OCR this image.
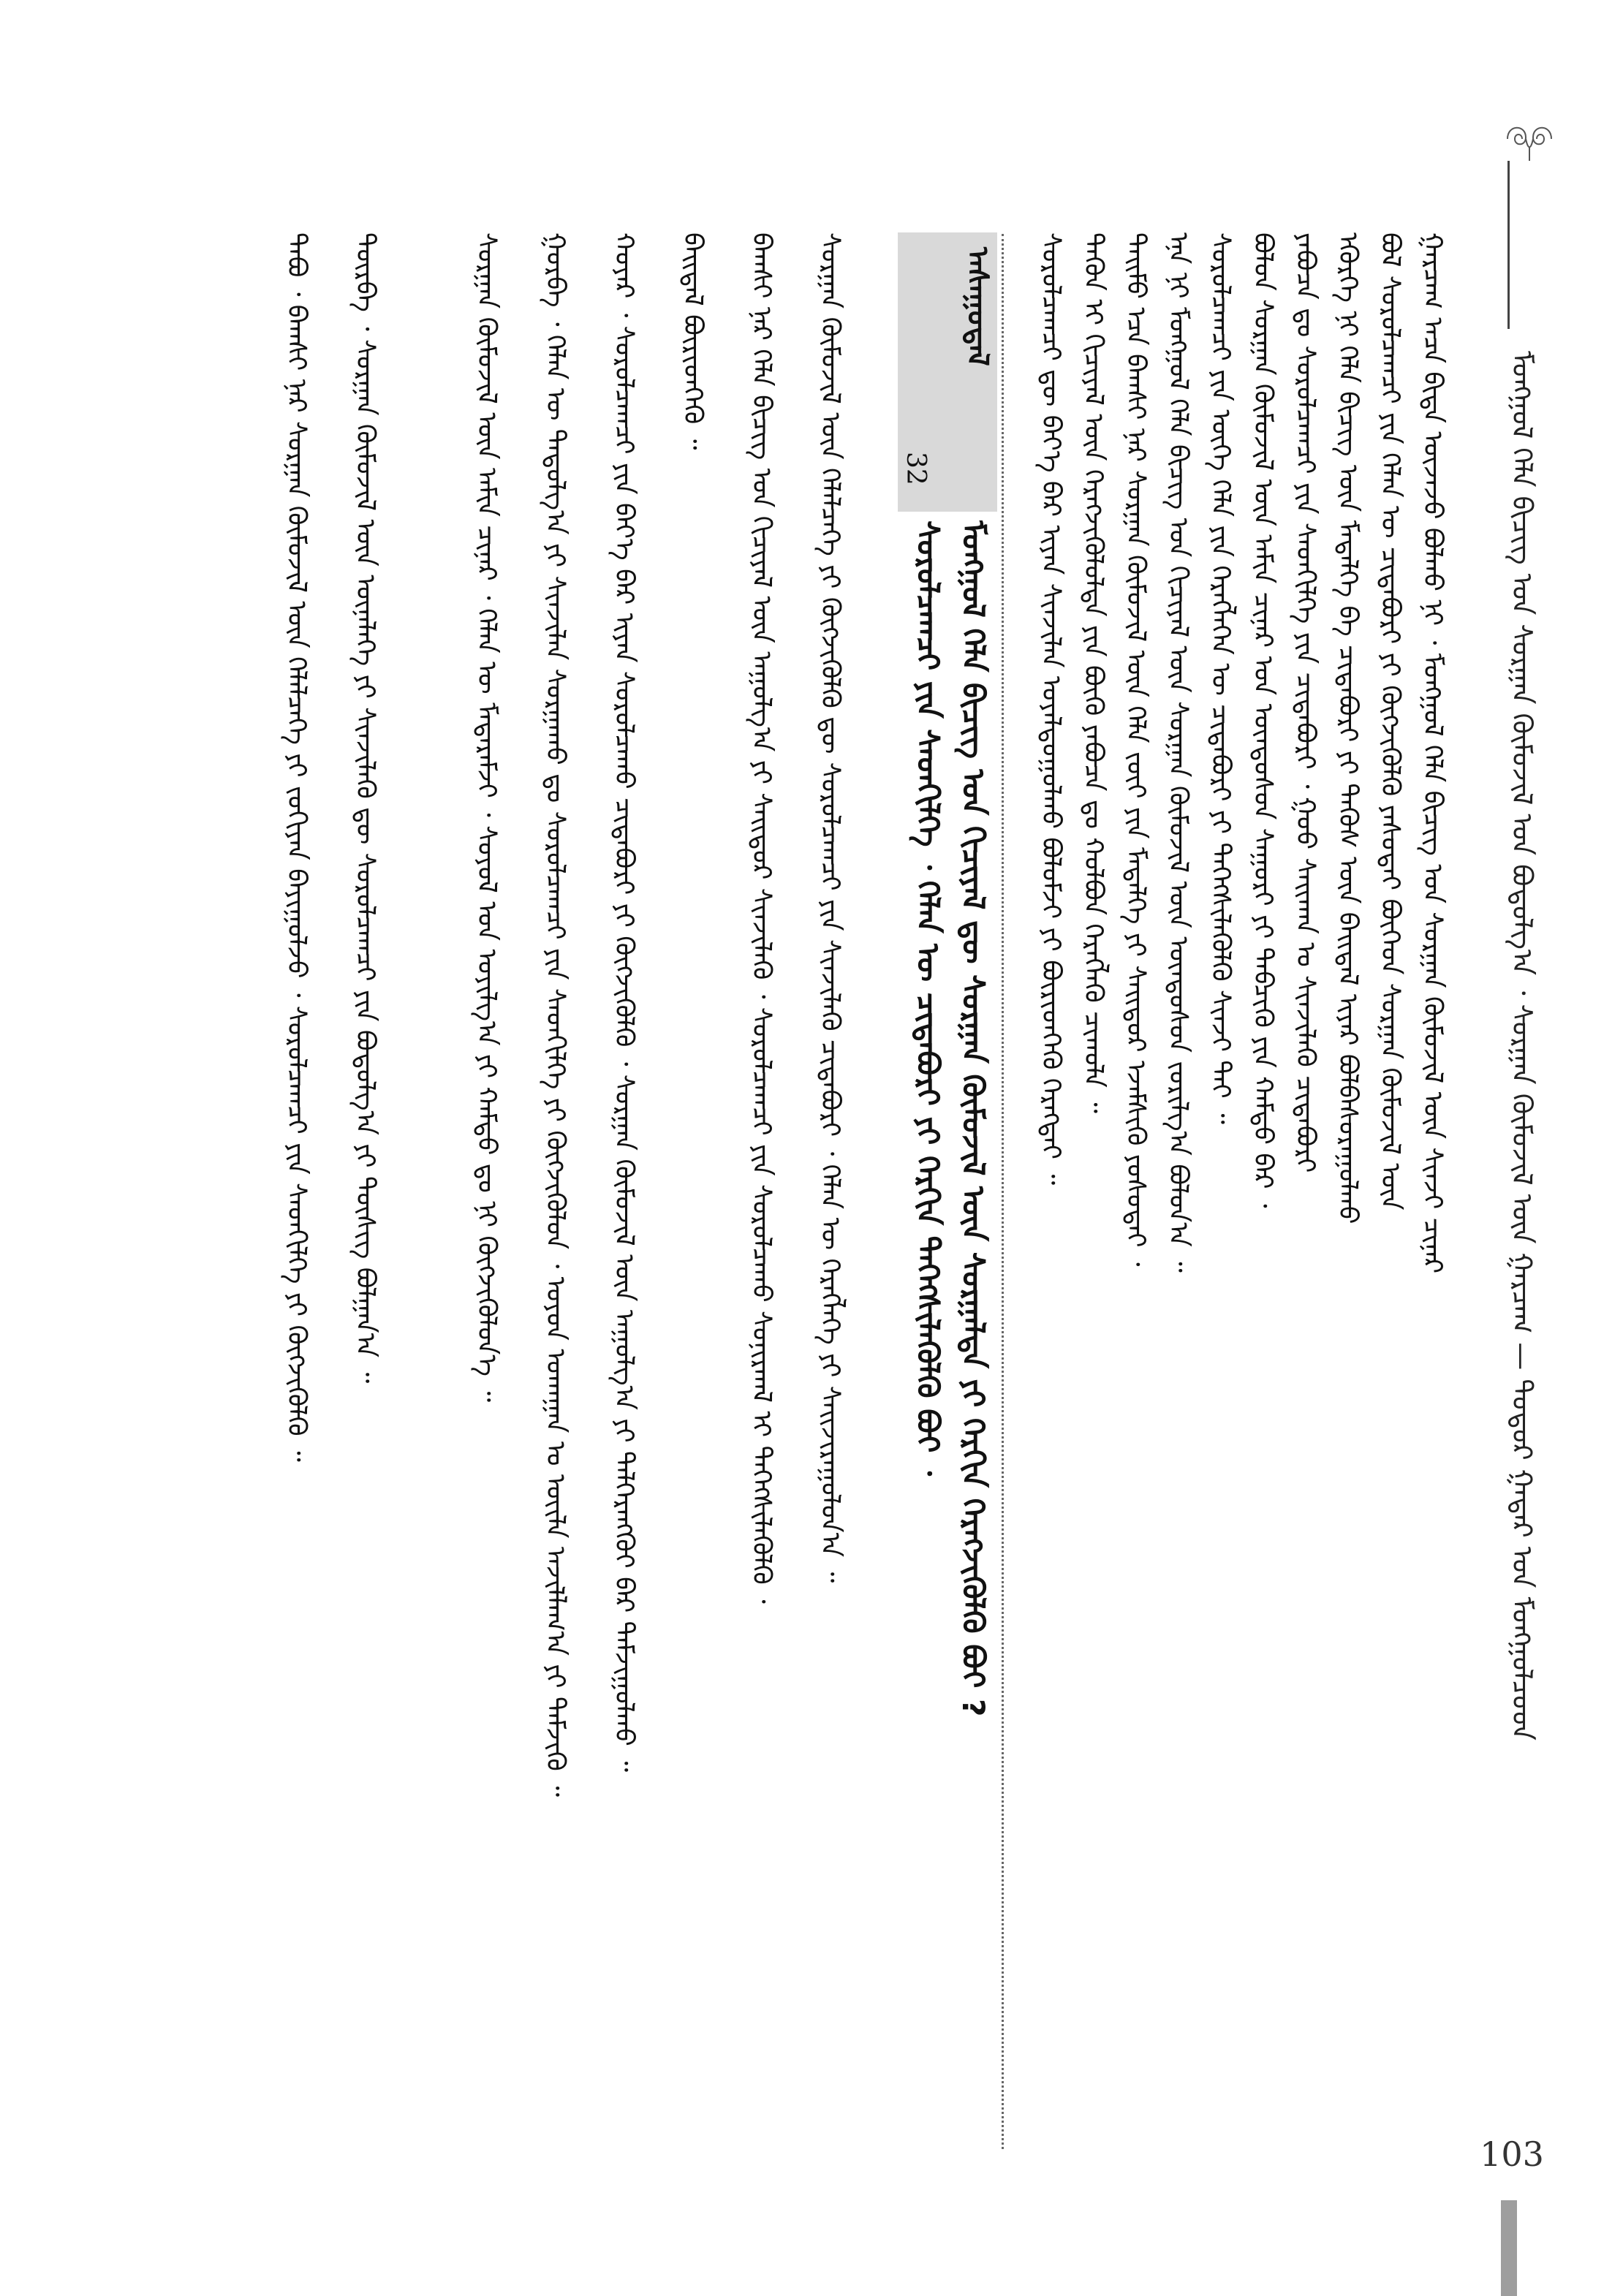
ᠮᠣᠩᠭᠣᠯ ᠬᠡᠯᠡ ᠪᠢᠴᠢᠭ ᠤᠨ ᠰᠤᠷᠭᠠᠨ ᠬᠦᠮᠦᠵᠢᠯ ᠤᠨ ᠪᠣᠳᠣᠯᠭ᠎ᠠ ᠂ ᠰᠤᠷᠭᠠᠨ ᠬᠦᠮᠦᠵᠢᠯ ᠦᠨ ᠭᠠᠷᠴᠠᠭ — ᠳᠣᠲᠣᠷ ᠭᠠᠳᠠᠷ ᠤᠨ ᠮᠣᠩᠭᠣᠯᠴᠤᠳ
ᠭᠠᠷᠴᠠᠭ ᠠᠴᠠ ᠪᠢᠳᠡ ᠦᠵᠡᠵᠦ ᠪᠣᠯᠬᠤ ᠨᠢ ᠂ ᠮᠣᠩᠭᠣᠯ ᠬᠡᠯᠡ ᠪᠢᠴᠢᠭ ᠤᠨ ᠰᠤᠷᠭᠠᠨ ᠬᠦᠮᠦᠵᠢᠯ ᠦᠨ ᠰᠢᠨᠵᠢ ᠴᠢᠨᠠᠷ
ᠪᠣᠯ ᠰᠤᠷᠤᠯᠴᠠᠭᠴᠢ ᠶᠢᠨ ᠬᠡᠯᠡᠨ ᠦ ᠴᠢᠳᠠᠪᠤᠷᠢ ᠶᠢ ᠬᠥᠭᠵᠢᠭᠦᠯᠬᠦ ᠶᠠᠰᠤᠲᠠᠢ ᠪᠥᠭᠡᠳ ᠰᠤᠷᠭᠠᠨ ᠬᠦᠮᠦᠵᠢᠯ ᠦᠨ
ᠡᠭᠦᠷᠭᠡ ᠨᠢ ᠬᠡᠯᠡ ᠪᠢᠴᠢᠭ ᠦᠨ ᠮᠡᠳᠡᠯᠭᠡ ᠪᠠ ᠴᠢᠳᠠᠪᠤᠷᠢ ᠶᠢ ᠲᠡᠭᠦᠰ ᠦᠨ ᠪᠠᠢᠳᠠᠯ ᠢᠶᠠᠷ ᠪᠣᠯᠪᠠᠰᠤᠷᠠᠭᠤᠯᠬᠤ
ᠶᠠᠪᠤᠴᠠ ᠳᠤ ᠰᠤᠷᠤᠯᠴᠠᠭᠴᠢ ᠶᠢᠨ ᠰᠡᠳᠬᠢᠯᠭᠡ ᠶᠢᠨ ᠴᠢᠳᠠᠪᠤᠷᠢ ᠂ ᠭᠣᠤ ᠰᠠᠢᠬᠠᠨ ᠤ ᠰᠢᠨᠵᠢᠯᠡᠬᠦ ᠴᠢᠳᠠᠪᠤᠷᠢ
ᠪᠣᠯᠤᠨ ᠰᠤᠷᠭᠠᠨ ᠬᠦᠮᠦᠵᠢᠯ ᠦᠨ ᠠᠮᠢᠨ ᠴᠢᠨᠠᠷ ᠤᠨ ᠦᠨᠳᠦᠰᠦᠨ ᠰᠠᠭᠤᠷᠢ ᠶᠢ ᠲᠡᠪᠴᠢᠬᠦ ᠶᠢᠨ ᠬᠠᠮᠲᠤ ᠪᠡᠷ ᠂
ᠰᠤᠷᠤᠯᠴᠠᠭᠴᠢ ᠶᠢᠨ ᠦᠭᠡ ᠬᠡᠯᠡ ᠶᠢᠨ ᠬᠡᠷᠡᠭᠯᠡᠭᠡᠨ ᠦ ᠴᠢᠳᠠᠪᠤᠷᠢ ᠶᠢ ᠳᠡᠭᠡᠭᠰᠢᠯᠡᠭᠦᠯᠬᠦ ᠰᠢᠨᠵᠢ ᠲᠠᠢ ᠃
ᠡᠨᠡ ᠨᠢ ᠮᠣᠩᠭᠣᠯ ᠬᠡᠯᠡ ᠪᠢᠴᠢᠭ ᠤᠨ ᠬᠢᠴᠢᠶᠡᠯ ᠦᠨ ᠰᠤᠷᠭᠠᠨ ᠬᠦᠮᠦᠵᠢᠯ ᠦᠨ ᠦᠨᠳᠦᠰᠦᠨ ᠵᠣᠷᠢᠯᠭ᠎ᠠ ᠪᠣᠯᠤᠨ᠎ᠠ ᠃
ᠲᠡᠢᠮᠦ ᠡᠴᠡ ᠪᠠᠭᠰᠢ ᠨᠠᠷ ᠰᠤᠷᠭᠠᠨ ᠬᠦᠮᠦᠵᠢᠯ ᠦᠨ ᠬᠡᠯᠡ ᠵᠦᠢ ᠶᠢᠨ ᠮᠡᠳᠡᠯᠭᠡ ᠶᠢ ᠰᠠᠢᠲᠤᠷ ᠡᠵᠡᠮᠰᠢᠬᠦ ᠶᠣᠰᠣᠲᠠᠢ ᠂
ᠲᠡᠭᠦᠨ ᠢ ᠬᠢᠴᠢᠶᠡᠯ ᠦᠨ ᠬᠡᠷᠡᠭᠵᠢᠭᠦᠯᠦᠯᠲᠡ ᠶᠢᠨ ᠪᠦᠬᠦ ᠶᠠᠪᠤᠴᠠ ᠳᠤ ᠬᠣᠯᠪᠣᠨ ᠬᠡᠷᠡᠭᠯᠡᠬᠦ ᠴᠢᠬᠤᠯᠠ ᠃
ᠰᠤᠷᠤᠯᠴᠠᠭᠴᠢ ᠳᠦ ᠪᠡᠶ᠎ᠡ ᠪᠡᠷ ᠢᠶᠡᠨ ᠰᠢᠨᠵᠢᠯᠡᠨ ᠤᠶᠠᠯᠳᠤᠭᠤᠯᠬᠤ ᠪᠣᠯᠤᠮᠵᠢ ᠶᠢ ᠪᠦᠷᠢᠳᠬᠡᠬᠦ ᠬᠡᠷᠡᠭᠲᠡᠢ ᠃
ᠠᠰᠠᠭᠤᠳᠠᠯ
32
ᠮᠣᠩᠭᠣᠯ ᠬᠡᠯᠡ ᠪᠢᠴᠢᠭ ᠤᠨ ᠬᠢᠴᠢᠶᠡᠯ ᠳᠦ ᠰᠤᠷᠭᠠᠨ ᠬᠦᠮᠦᠵᠢᠯ ᠦᠨ ᠰᠤᠷᠭᠠᠯᠲᠠ ᠶᠢ ᠬᠡᠷᠬᠢᠨ ᠬᠡᠷᠡᠭᠵᠢᠭᠦᠯᠬᠦ ᠪᠤᠢ ?
ᠰᠤᠷᠤᠯᠴᠠᠭᠴᠢ ᠶᠢᠨ ᠰᠡᠳᠬᠢᠯᠭᠡ ᠂ ᠬᠡᠯᠡᠨ ᠦ ᠴᠢᠳᠠᠪᠤᠷᠢ ᠶᠢ ᠬᠡᠷᠬᠢᠨ ᠳᠡᠭᠡᠭᠰᠢᠯᠡᠭᠦᠯᠬᠦ ᠪᠣᠢ ᠂
ᠰᠤᠷᠭᠠᠨ ᠬᠦᠮᠦᠵᠢᠯ ᠦᠨ ᠬᠡᠯᠡᠯᠴᠡᠭᠡ ᠶᠢ ᠬᠥᠭᠵᠢᠭᠦᠯᠬᠦ ᠳᠦ ᠰᠤᠷᠤᠯᠴᠠᠭᠴᠢ ᠶᠢᠨ ᠰᠢᠨᠵᠢᠯᠡᠬᠦ ᠴᠢᠳᠠᠪᠤᠷᠢ ᠂ ᠬᠡᠯᠡᠨ ᠦ ᠬᠡᠷᠡᠭᠯᠡᠭᠡ ᠶᠢ ᠰᠠᠢᠵᠢᠷᠠᠭᠤᠯᠤᠨ᠎ᠠ ᠃
ᠪᠠᠭᠰᠢ ᠨᠠᠷ ᠬᠡᠯᠡ ᠪᠢᠴᠢᠭ ᠤᠨ ᠬᠢᠴᠢᠶᠡᠯ ᠦᠨ ᠠᠭᠤᠯᠭ᠎ᠠ ᠶᠢ ᠰᠠᠢᠲᠤᠷ ᠰᠢᠨᠵᠢᠯᠡᠬᠦ ᠂ ᠰᠤᠷᠤᠯᠴᠠᠭᠴᠢ ᠶᠢᠨ ᠰᠤᠷᠤᠯᠴᠠᠬᠤ ᠰᠣᠨᠢᠷᠬᠠᠯ ᠢ ᠳᠡᠭᠡᠭᠰᠢᠯᠡᠭᠦᠯᠬᠦ ᠂
ᠪᠠᠢᠳᠠᠯ ᠪᠦᠷᠢᠳᠬᠡᠬᠦ ᠃
ᠬᠣᠶᠠᠷ ᠂ ᠰᠤᠷᠤᠯᠴᠠᠭᠴᠢ ᠶᠢᠨ ᠪᠡᠶ᠎ᠡ ᠪᠡᠷ ᠢᠶᠡᠨ ᠰᠤᠷᠤᠯᠴᠠᠬᠤ ᠴᠢᠳᠠᠪᠤᠷᠢ ᠶᠢ ᠬᠥᠭᠵᠢᠭᠦᠯᠬᠦ ᠂ ᠰᠤᠷᠭᠠᠨ ᠬᠦᠮᠦᠵᠢᠯ ᠦᠨ ᠠᠭᠤᠯᠭ᠎ᠠ ᠶᠢ ᠳᠡᠯᠭᠡᠷᠡᠩᠭᠦᠢ ᠪᠠᠷ ᠳᠠᠮᠵᠢᠭᠤᠯᠬᠤ ᠃
ᠭᠤᠷᠪᠠ ᠂ ᠬᠡᠯᠡᠨ ᠦ ᠳᠠᠳᠤᠯᠭ᠎ᠠ ᠶᠢ ᠰᠢᠨᠵᠢᠯᠡᠨ ᠰᠤᠷᠭᠠᠬᠤ ᠳᠤ ᠰᠤᠷᠤᠯᠴᠠᠭᠴᠢ ᠶᠢᠨ ᠰᠡᠳᠬᠢᠯᠭᠡ ᠶᠢ ᠬᠥᠭᠵᠢᠭᠦᠯᠦᠨ ᠂ ᠣᠶᠤᠨ ᠤᠬᠠᠭᠠᠨ ᠤ ᠦᠢᠯᠡ ᠠᠵᠢᠯᠯᠠᠭ᠎ᠠ ᠶᠢ ᠳᠡᠮᠵᠢᠬᠦ ᠃
ᠰᠤᠷᠭᠠᠨ ᠬᠦᠮᠦᠵᠢᠯ ᠦᠨ ᠠᠮᠢᠨ ᠴᠢᠨᠠᠷ ᠂ ᠬᠡᠯᠡᠨ ᠦ ᠮᠡᠳᠡᠷᠡᠮᠵᠢ ᠂ ᠰᠤᠶᠤᠯ ᠤᠨ ᠣᠶᠢᠯᠭ᠎ᠠ ᠶᠢ ᠬᠠᠮᠲᠤ ᠳᠤ ᠨᠢ ᠬᠥᠭᠵᠢᠭᠦᠯᠦᠨ᠎ᠡ ᠃
ᠳᠥᠷᠪᠡ ᠂ ᠰᠤᠷᠭᠠᠨ ᠬᠦᠮᠦᠵᠢᠯ ᠦᠨ ᠦᠨᠡᠯᠡᠭᠡ ᠶᠢ ᠰᠢᠨᠵᠢᠯᠡᠬᠦ ᠳᠦ ᠰᠤᠷᠤᠯᠴᠠᠭᠴᠢ ᠶᠢᠨ ᠪᠣᠳᠤᠯᠭ᠎ᠠ ᠶᠢ ᠲᠦᠰᠢᠭ ᠪᠣᠯᠭᠠᠨ᠎ᠠ ᠃
ᠲᠠᠪᠤ ᠂ ᠪᠠᠭᠰᠢ ᠨᠠᠷ ᠰᠤᠷᠭᠠᠨ ᠬᠦᠮᠦᠵᠢᠯ ᠦᠨ ᠬᠡᠯᠡᠯᠴᠡᠭᠡ ᠶᠢ ᠵᠣᠬᠢᠶᠠᠨ ᠪᠠᠶᠢᠭᠤᠯᠵᠤ ᠂ ᠰᠤᠷᠤᠯᠴᠠᠭᠴᠢ ᠶᠢᠨ ᠰᠡᠳᠬᠢᠯᠭᠡ ᠶᠢ ᠬᠥᠭᠵᠢᠭᠦᠯᠬᠦ ᠃
103
